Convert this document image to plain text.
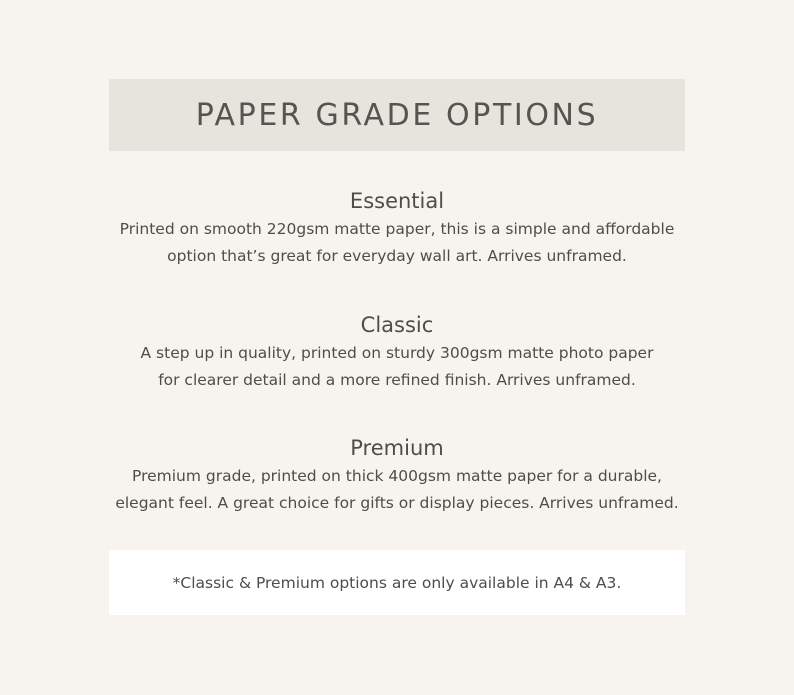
PAPER GRADE OPTIONS
Essential

Printed on smooth 220gsm matte paper, this is a simple and affordable
option that’s great for everyday wall art. Arrives unframed.

Classic

A step up in quality, printed on sturdy 300gsm matte photo paper
for clearer detail and a more refined finish. Arrives unframed.

Premium

Premium grade, printed on thick 400gsm matte paper for a durable,
elegant feel. A great choice for gifts or display pieces. Arrives unframed.

*Classic & Premium options are only available in A4 & A3.
